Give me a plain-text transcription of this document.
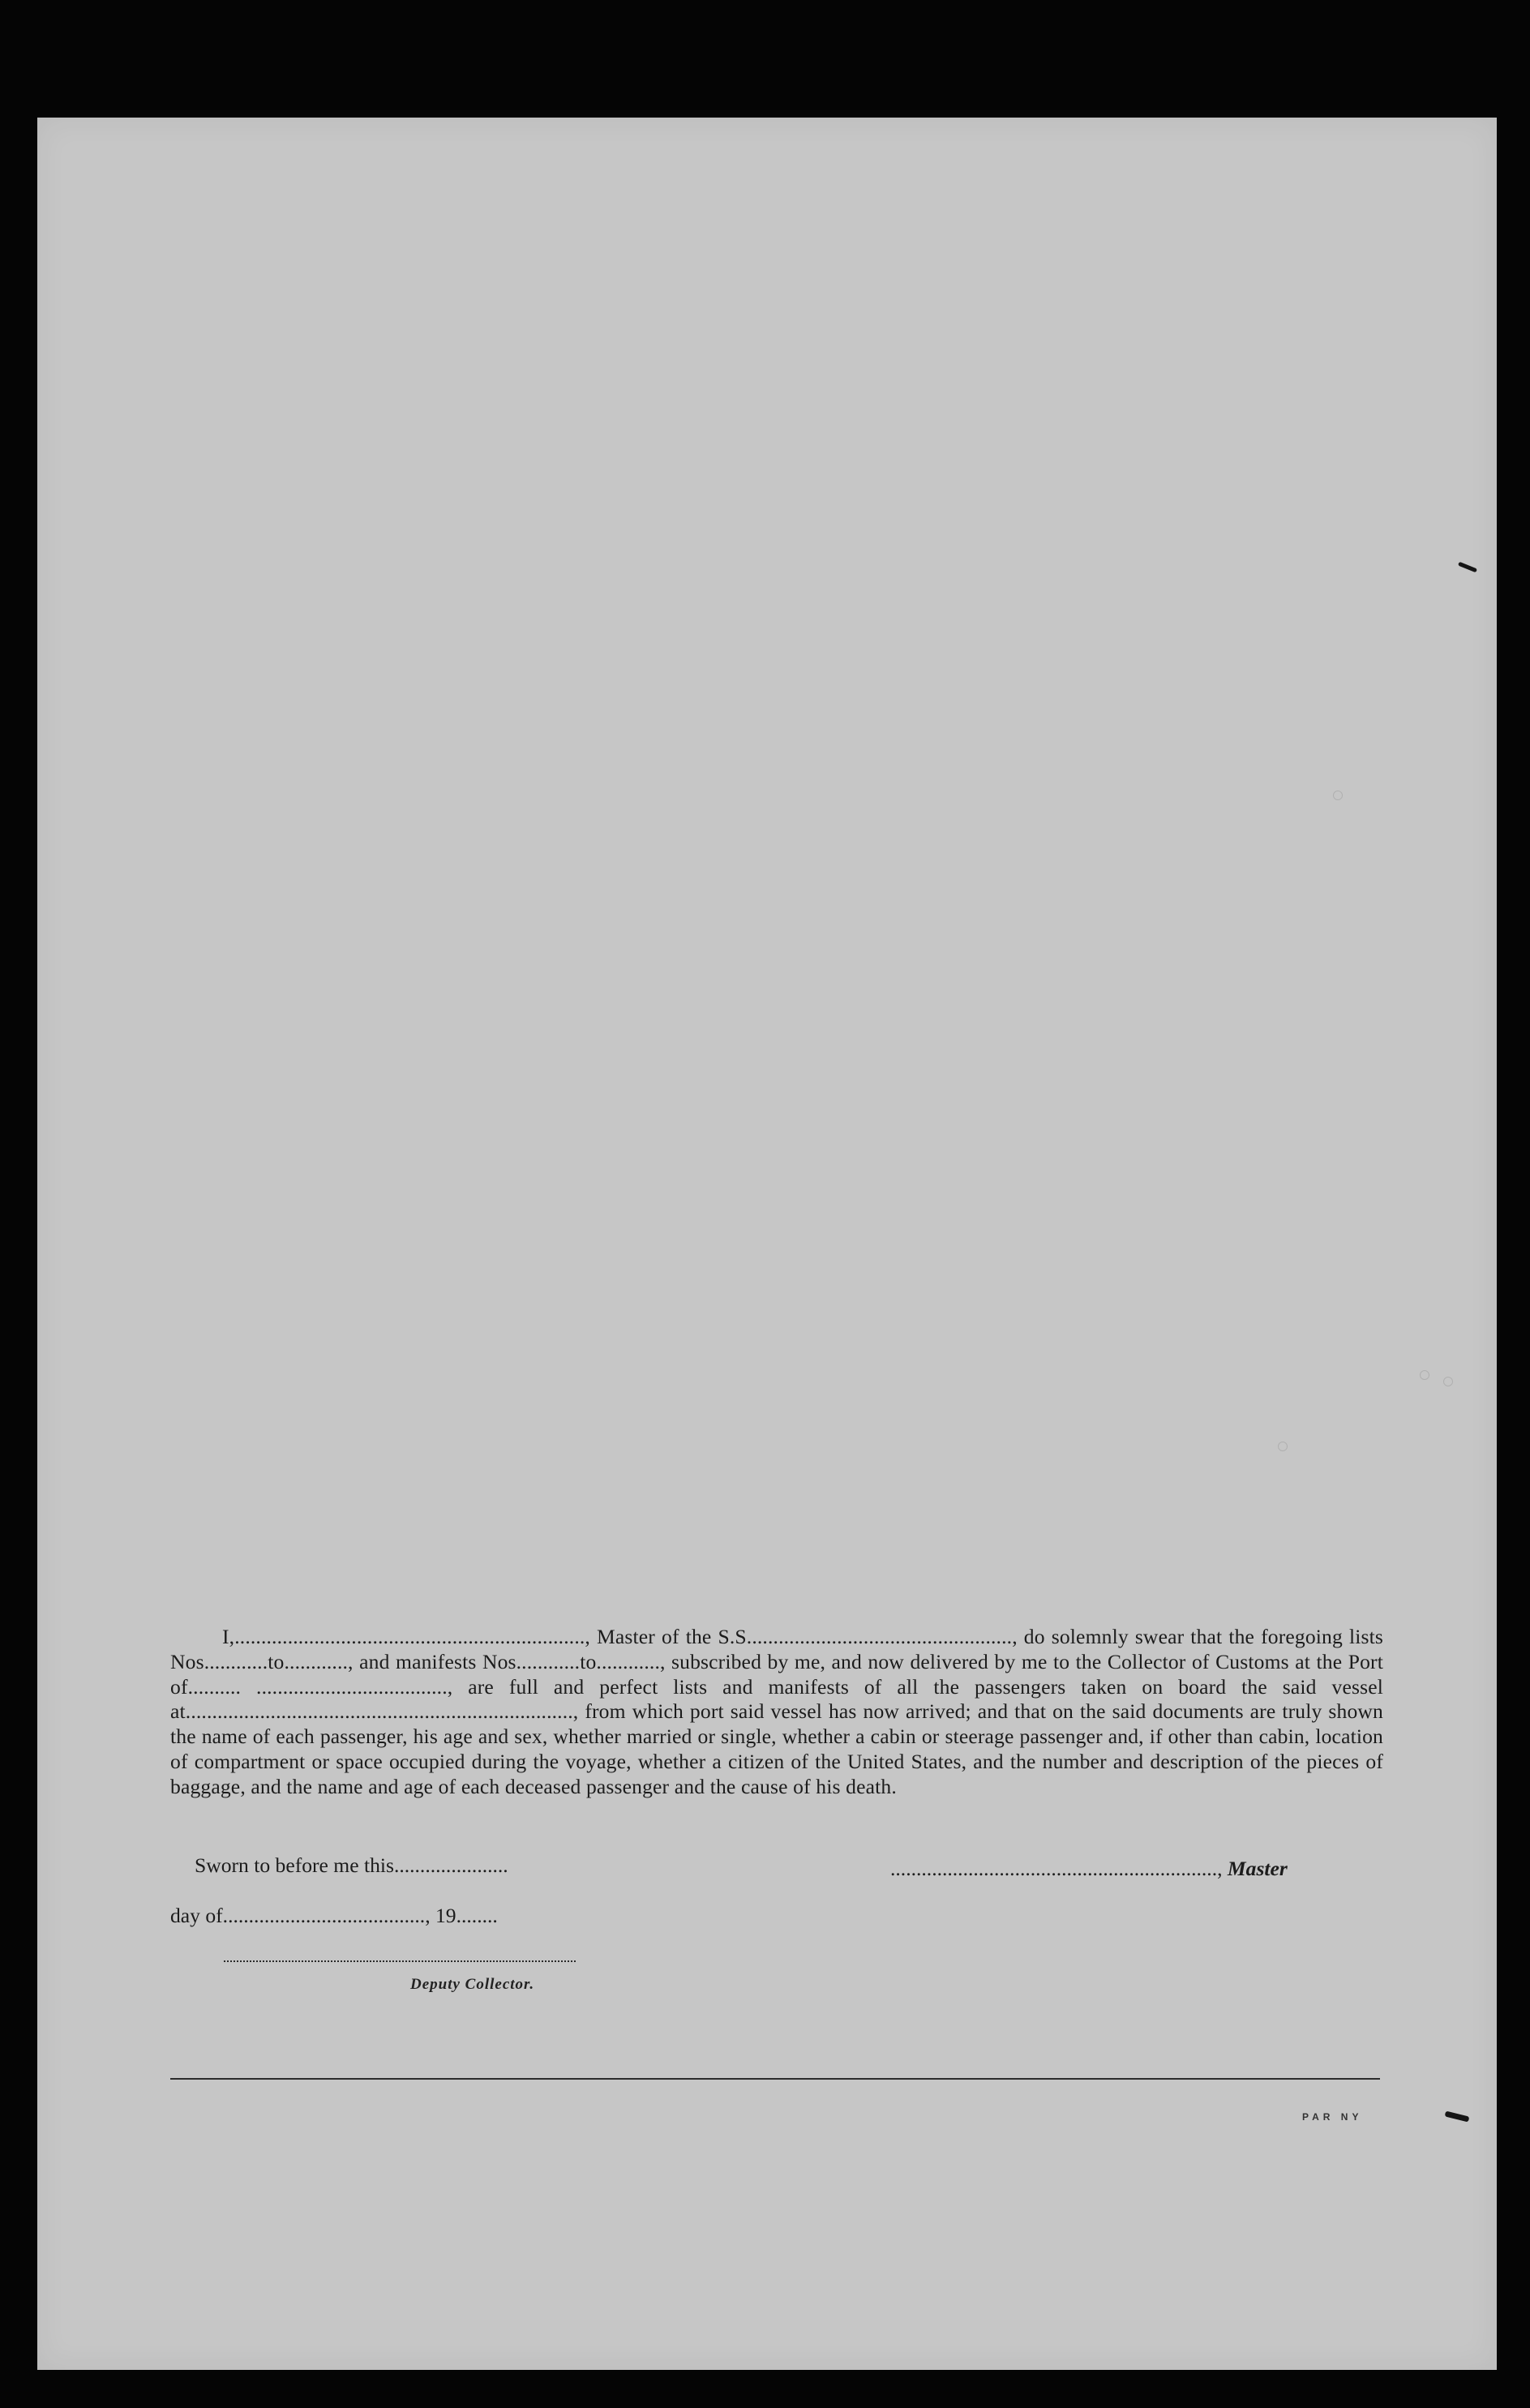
I,.................................................................., Master of the S.S.................................................., do solemnly swear that the foregoing lists Nos............to............, and manifests Nos............to............, subscribed by me, and now delivered by me to the Collector of Customs at the Port of.......... ...................................., are full and perfect lists and manifests of all the passengers taken on board the said vessel at........................................................................., from which port said vessel has now arrived; and that on the said documents are truly shown the name of each passenger, his age and sex, whether married or single, whether a cabin or steerage passenger and, if other than cabin, location of compartment or space occupied during the voyage, whether a citizen of the United States, and the number and description of the pieces of baggage, and the name and age of each deceased passenger and the cause of his death.

Sworn to before me this......................	..............................................................., Master
day of......................................., 19........
Deputy Collector.
PAR NY
